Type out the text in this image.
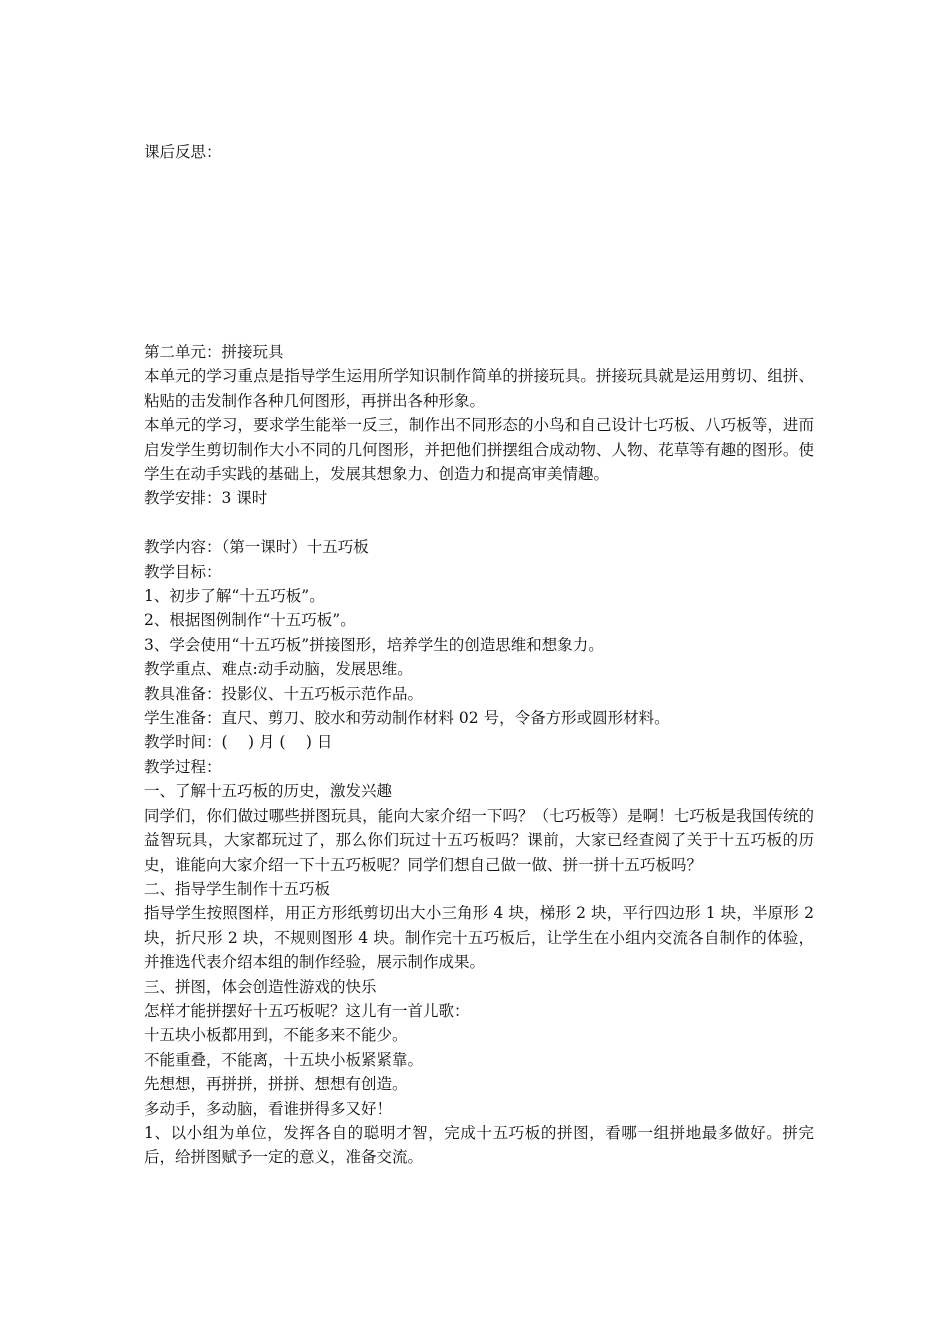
课后反思：

第二单元：拼接玩具

本单元的学习重点是指导学生运用所学知识制作简单的拼接玩具。拼接玩具就是运用剪切、组拼、粘贴的击发制作各种几何图形，再拼出各种形象。

本单元的学习，要求学生能举一反三，制作出不同形态的小鸟和自己设计七巧板、八巧板等，进而启发学生剪切制作大小不同的几何图形，并把他们拼摆组合成动物、人物、花草等有趣的图形。使学生在动手实践的基础上，发展其想象力、创造力和提高审美情趣。

教学安排：3 课时

教学内容：（第一课时）十五巧板

教学目标：

1、初步了解“十五巧板”。

2、根据图例制作“十五巧板”。

3、学会使用“十五巧板”拼接图形，培养学生的创造思维和想象力。

教学重点、难点:动手动脑，发展思维。

教具准备：投影仪、十五巧板示范作品。

学生准备：直尺、剪刀、胶水和劳动制作材料 02 号，令备方形或圆形材料。

教学时间：(　 ) 月 (　 ) 日

教学过程：

一、了解十五巧板的历史，激发兴趣

同学们，你们做过哪些拼图玩具，能向大家介绍一下吗？（七巧板等）是啊！七巧板是我国传统的益智玩具，大家都玩过了，那么你们玩过十五巧板吗？课前，大家已经查阅了关于十五巧板的历史，谁能向大家介绍一下十五巧板呢？同学们想自己做一做、拼一拼十五巧板吗？

二、指导学生制作十五巧板

指导学生按照图样，用正方形纸剪切出大小三角形 4 块，梯形 2 块，平行四边形 1 块，半原形 2 块，折尺形 2 块，不规则图形 4 块。制作完十五巧板后，让学生在小组内交流各自制作的体验，并推选代表介绍本组的制作经验，展示制作成果。

三、拼图，体会创造性游戏的快乐

怎样才能拼摆好十五巧板呢？这儿有一首儿歌：

十五块小板都用到，不能多来不能少。

不能重叠，不能离，十五块小板紧紧靠。

先想想，再拼拼，拼拼、想想有创造。

多动手，多动脑，看谁拼得多又好！

1、以小组为单位，发挥各自的聪明才智，完成十五巧板的拼图，看哪一组拼地最多做好。拼完后，给拼图赋予一定的意义，准备交流。
